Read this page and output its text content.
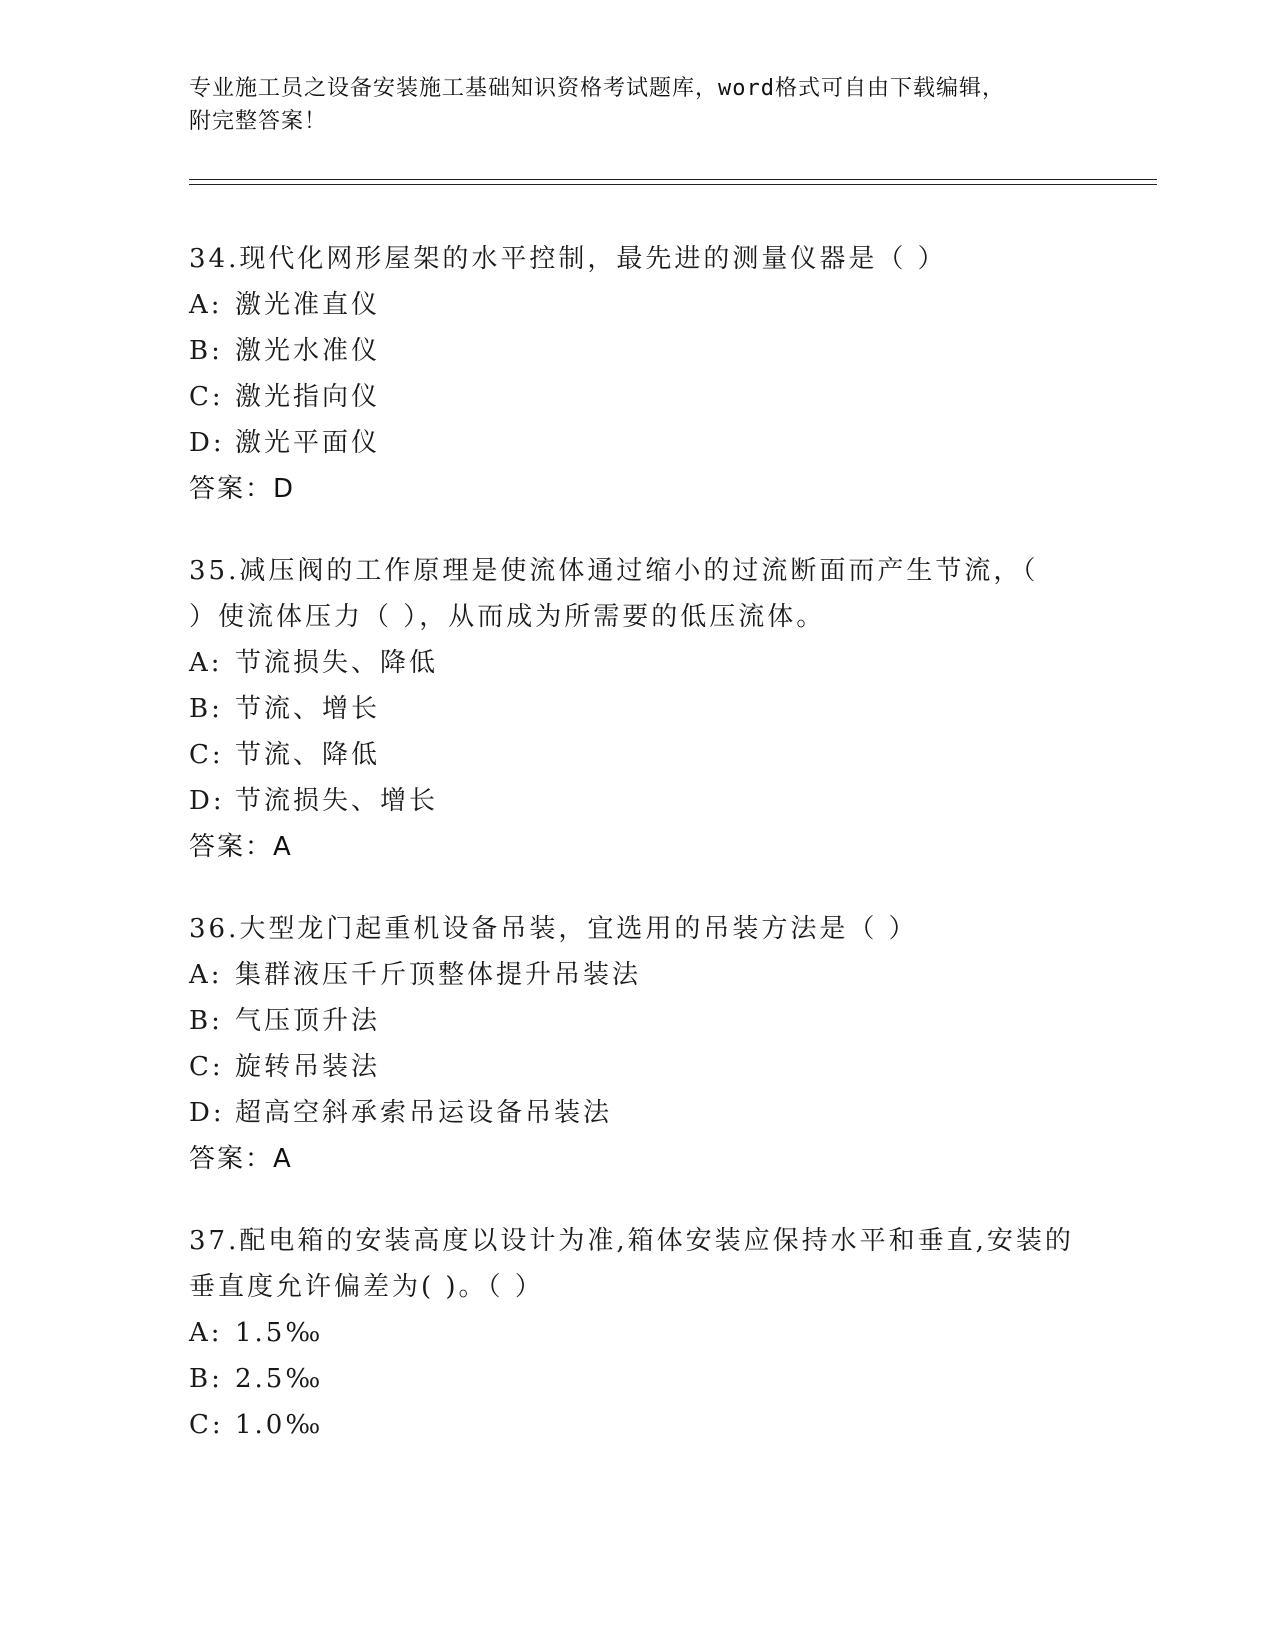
专业施工员之设备安装施工基础知识资格考试题库，word格式可自由下载编辑，
附完整答案！
34.现代化网形屋架的水平控制，最先进的测量仪器是（ ）
A: 激光准直仪
B: 激光水准仪
C: 激光指向仪
D: 激光平面仪
答案：D
35.减压阀的工作原理是使流体通过缩小的过流断面而产生节流，（
）使流体压力（ ），从而成为所需要的低压流体。
A: 节流损失、降低
B: 节流、增长
C: 节流、降低
D: 节流损失、增长
答案：A
36.大型龙门起重机设备吊装，宜选用的吊装方法是（ ）
A: 集群液压千斤顶整体提升吊装法
B: 气压顶升法
C: 旋转吊装法
D: 超高空斜承索吊运设备吊装法
答案：A
37.配电箱的安装高度以设计为准,箱体安装应保持水平和垂直,安装的
垂直度允许偏差为( )。（ ）
A: 1.5‰
B: 2.5‰
C: 1.0‰
